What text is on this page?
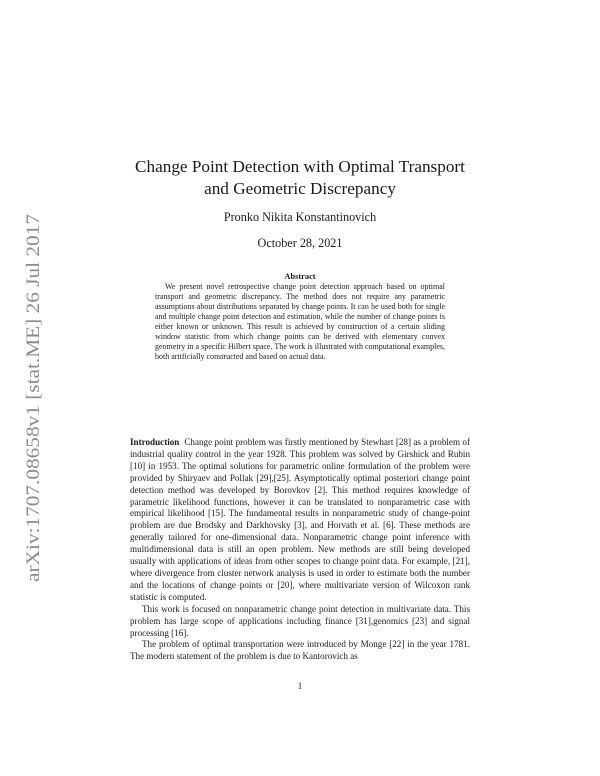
arXiv:1707.08658v1 [stat.ME] 26 Jul 2017
Change Point Detection with Optimal Transport
and Geometric Discrepancy
Pronko Nikita Konstantinovich
October 28, 2021
Abstract

We present novel retrospective change point detection approach based on optimal transport and geometric discrepancy. The method does not require any parametric assumptions about distributions separated by change points. It can be used both for single and multiple change point detection and estimation, while the number of change points is either known or unknown. This result is achieved by construction of a certain sliding window statistic from which change points can be derived with elementary convex geometry in a specific Hilbert space. The work is illustrated with computational examples, both artificially constructed and based on actual data.

Introduction Change point problem was firstly mentioned by Stewhart [28] as a problem of industrial quality control in the year 1928. This problem was solved by Girshick and Rubin [10] in 1953. The optimal solutions for parametric online formulation of the problem were provided by Shiryaev and Pollak [29],[25]. Asymptotically optimal posteriori change point detection method was developed by Borovkov [2]. This method requires knowledge of parametric likelihood functions, however it can be translated to nonparametric case with empirical likelihood [15]. The fundamental results in nonparametric study of change-point problem are due Brodsky and Darkhovsky [3], and Horvath et al. [6]. These methods are generally tailored for one-dimensional data. Nonparametric change point inference with multidimensional data is still an open problem. New methods are still being developed usually with applications of ideas from other scopes to change point data. For example, [21], where divergence from cluster network analysis is used in order to estimate both the number and the locations of change points or [20], where multivariate version of Wilcoxon rank statistic is computed.

This work is focused on nonparametric change point detection in multivariate data. This problem has large scope of applications including finance [31],genomics [23] and signal processing [16].

The problem of optimal transportation were introduced by Monge [22] in the year 1781. The modern statement of the problem is due to Kantorovich as

1
